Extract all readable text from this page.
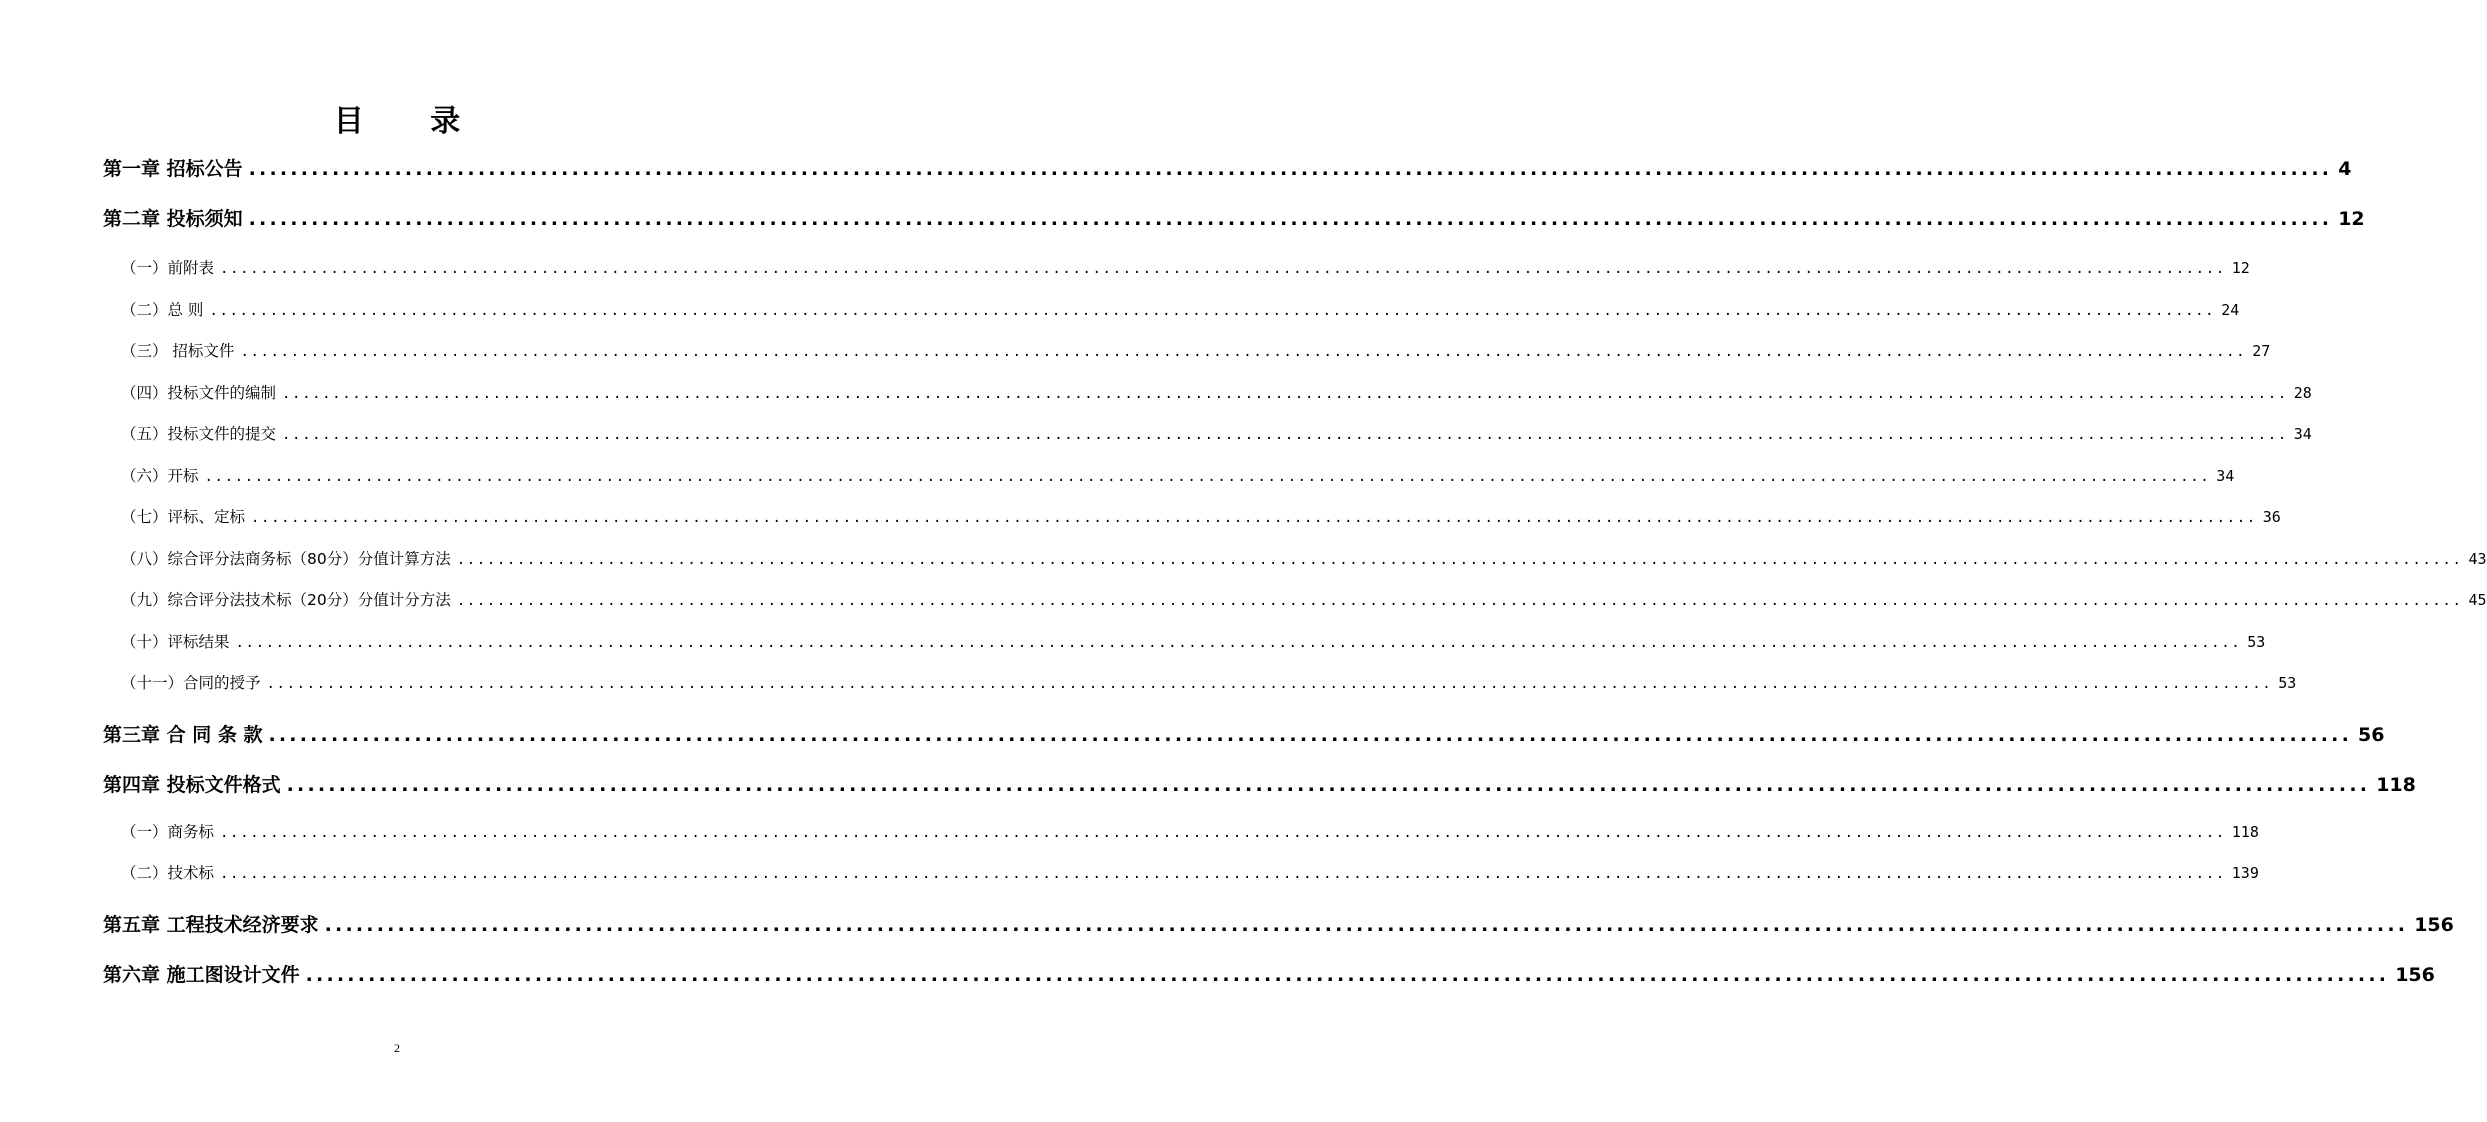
目 录
第一章 招标公告 ........................................................................................................................................................................................................ 4
第二章 投标须知 ........................................................................................................................................................................................................ 12
（一）前附表 ........................................................................................................................................................................................................ 12
（二）总 则 ........................................................................................................................................................................................................ 24
（三） 招标文件 ........................................................................................................................................................................................................ 27
（四）投标文件的编制 ........................................................................................................................................................................................................ 28
（五）投标文件的提交 ........................................................................................................................................................................................................ 34
（六）开标 ........................................................................................................................................................................................................ 34
（七）评标、定标 ........................................................................................................................................................................................................ 36
（八）综合评分法商务标（80分）分值计算方法 ........................................................................................................................................................................................................ 43
（九）综合评分法技术标（20分）分值计分方法 ........................................................................................................................................................................................................ 45
（十）评标结果 ........................................................................................................................................................................................................ 53
（十一）合同的授予 ........................................................................................................................................................................................................ 53
第三章 合 同 条 款 ........................................................................................................................................................................................................ 56
第四章 投标文件格式 ........................................................................................................................................................................................................ 118
（一）商务标 ........................................................................................................................................................................................................ 118
（二）技术标 ........................................................................................................................................................................................................ 139
第五章 工程技术经济要求 ........................................................................................................................................................................................................ 156
第六章 施工图设计文件 ........................................................................................................................................................................................................ 156
2
